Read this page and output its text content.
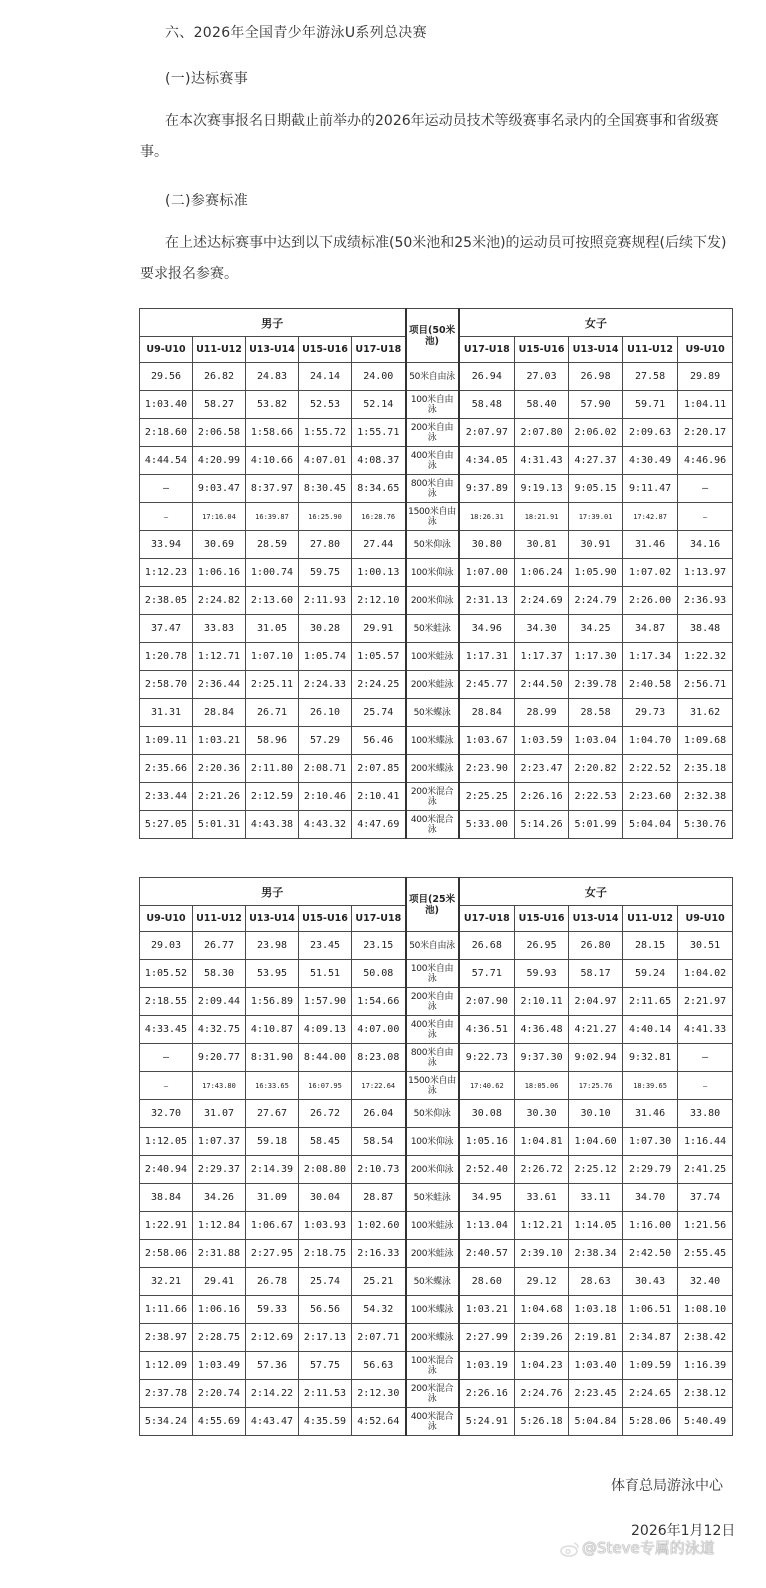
六、2026年全国青少年游泳U系列总决赛
(一)达标赛事
在本次赛事报名日期截止前举办的2026年运动员技术等级赛事名录内的全国赛事和省级赛事。
(二)参赛标准
在上述达标赛事中达到以下成绩标准(50米池和25米池)的运动员可按照竞赛规程(后续下发)要求报名参赛。
男子					项目(50米池)	女子				
U9-U10	U11-U12	U13-U14	U15-U16	U17-U18		U17-U18	U15-U16	U13-U14	U11-U12	U9-U10
29.56	26.82	24.83	24.14	24.00	50米自由泳	26.94	27.03	26.98	27.58	29.89
1:03.40	58.27	53.82	52.53	52.14	100米自由泳	58.48	58.40	57.90	59.71	1:04.11
2:18.60	2:06.58	1:58.66	1:55.72	1:55.71	200米自由泳	2:07.97	2:07.80	2:06.02	2:09.63	2:20.17
4:44.54	4:20.99	4:10.66	4:07.01	4:08.37	400米自由泳	4:34.05	4:31.43	4:27.37	4:30.49	4:46.96
—	9:03.47	8:37.97	8:30.45	8:34.65	800米自由泳	9:37.89	9:19.13	9:05.15	9:11.47	—
—	17:16.04	16:39.87	16:25.90	16:28.76	1500米自由泳	18:26.31	18:21.91	17:39.01	17:42.87	—
33.94	30.69	28.59	27.80	27.44	50米仰泳	30.80	30.81	30.91	31.46	34.16
1:12.23	1:06.16	1:00.74	59.75	1:00.13	100米仰泳	1:07.00	1:06.24	1:05.90	1:07.02	1:13.97
2:38.05	2:24.82	2:13.60	2:11.93	2:12.10	200米仰泳	2:31.13	2:24.69	2:24.79	2:26.00	2:36.93
37.47	33.83	31.05	30.28	29.91	50米蛙泳	34.96	34.30	34.25	34.87	38.48
1:20.78	1:12.71	1:07.10	1:05.74	1:05.57	100米蛙泳	1:17.31	1:17.37	1:17.30	1:17.34	1:22.32
2:58.70	2:36.44	2:25.11	2:24.33	2:24.25	200米蛙泳	2:45.77	2:44.50	2:39.78	2:40.58	2:56.71
31.31	28.84	26.71	26.10	25.74	50米蝶泳	28.84	28.99	28.58	29.73	31.62
1:09.11	1:03.21	58.96	57.29	56.46	100米蝶泳	1:03.67	1:03.59	1:03.04	1:04.70	1:09.68
2:35.66	2:20.36	2:11.80	2:08.71	2:07.85	200米蝶泳	2:23.90	2:23.47	2:20.82	2:22.52	2:35.18
2:33.44	2:21.26	2:12.59	2:10.46	2:10.41	200米混合泳	2:25.25	2:26.16	2:22.53	2:23.60	2:32.38
5:27.05	5:01.31	4:43.38	4:43.32	4:47.69	400米混合泳	5:33.00	5:14.26	5:01.99	5:04.04	5:30.76
男子					项目(25米池)	女子				
U9-U10	U11-U12	U13-U14	U15-U16	U17-U18		U17-U18	U15-U16	U13-U14	U11-U12	U9-U10
29.03	26.77	23.98	23.45	23.15	50米自由泳	26.68	26.95	26.80	28.15	30.51
1:05.52	58.30	53.95	51.51	50.08	100米自由泳	57.71	59.93	58.17	59.24	1:04.02
2:18.55	2:09.44	1:56.89	1:57.90	1:54.66	200米自由泳	2:07.90	2:10.11	2:04.97	2:11.65	2:21.97
4:33.45	4:32.75	4:10.87	4:09.13	4:07.00	400米自由泳	4:36.51	4:36.48	4:21.27	4:40.14	4:41.33
—	9:20.77	8:31.90	8:44.00	8:23.08	800米自由泳	9:22.73	9:37.30	9:02.94	9:32.81	—
—	17:43.80	16:33.65	16:07.95	17:22.64	1500米自由泳	17:40.62	18:05.06	17:25.76	18:39.65	—
32.70	31.07	27.67	26.72	26.04	50米仰泳	30.08	30.30	30.10	31.46	33.80
1:12.05	1:07.37	59.18	58.45	58.54	100米仰泳	1:05.16	1:04.81	1:04.60	1:07.30	1:16.44
2:40.94	2:29.37	2:14.39	2:08.80	2:10.73	200米仰泳	2:52.40	2:26.72	2:25.12	2:29.79	2:41.25
38.84	34.26	31.09	30.04	28.87	50米蛙泳	34.95	33.61	33.11	34.70	37.74
1:22.91	1:12.84	1:06.67	1:03.93	1:02.60	100米蛙泳	1:13.04	1:12.21	1:14.05	1:16.00	1:21.56
2:58.06	2:31.88	2:27.95	2:18.75	2:16.33	200米蛙泳	2:40.57	2:39.10	2:38.34	2:42.50	2:55.45
32.21	29.41	26.78	25.74	25.21	50米蝶泳	28.60	29.12	28.63	30.43	32.40
1:11.66	1:06.16	59.33	56.56	54.32	100米蝶泳	1:03.21	1:04.68	1:03.18	1:06.51	1:08.10
2:38.97	2:28.75	2:12.69	2:17.13	2:07.71	200米蝶泳	2:27.99	2:39.26	2:19.81	2:34.87	2:38.42
1:12.09	1:03.49	57.36	57.75	56.63	100米混合泳	1:03.19	1:04.23	1:03.40	1:09.59	1:16.39
2:37.78	2:20.74	2:14.22	2:11.53	2:12.30	200米混合泳	2:26.16	2:24.76	2:23.45	2:24.65	2:38.12
5:34.24	4:55.69	4:43.47	4:35.59	4:52.64	400米混合泳	5:24.91	5:26.18	5:04.84	5:28.06	5:40.49
体育总局游泳中心
2026年1月12日
@Steve专属的泳道
